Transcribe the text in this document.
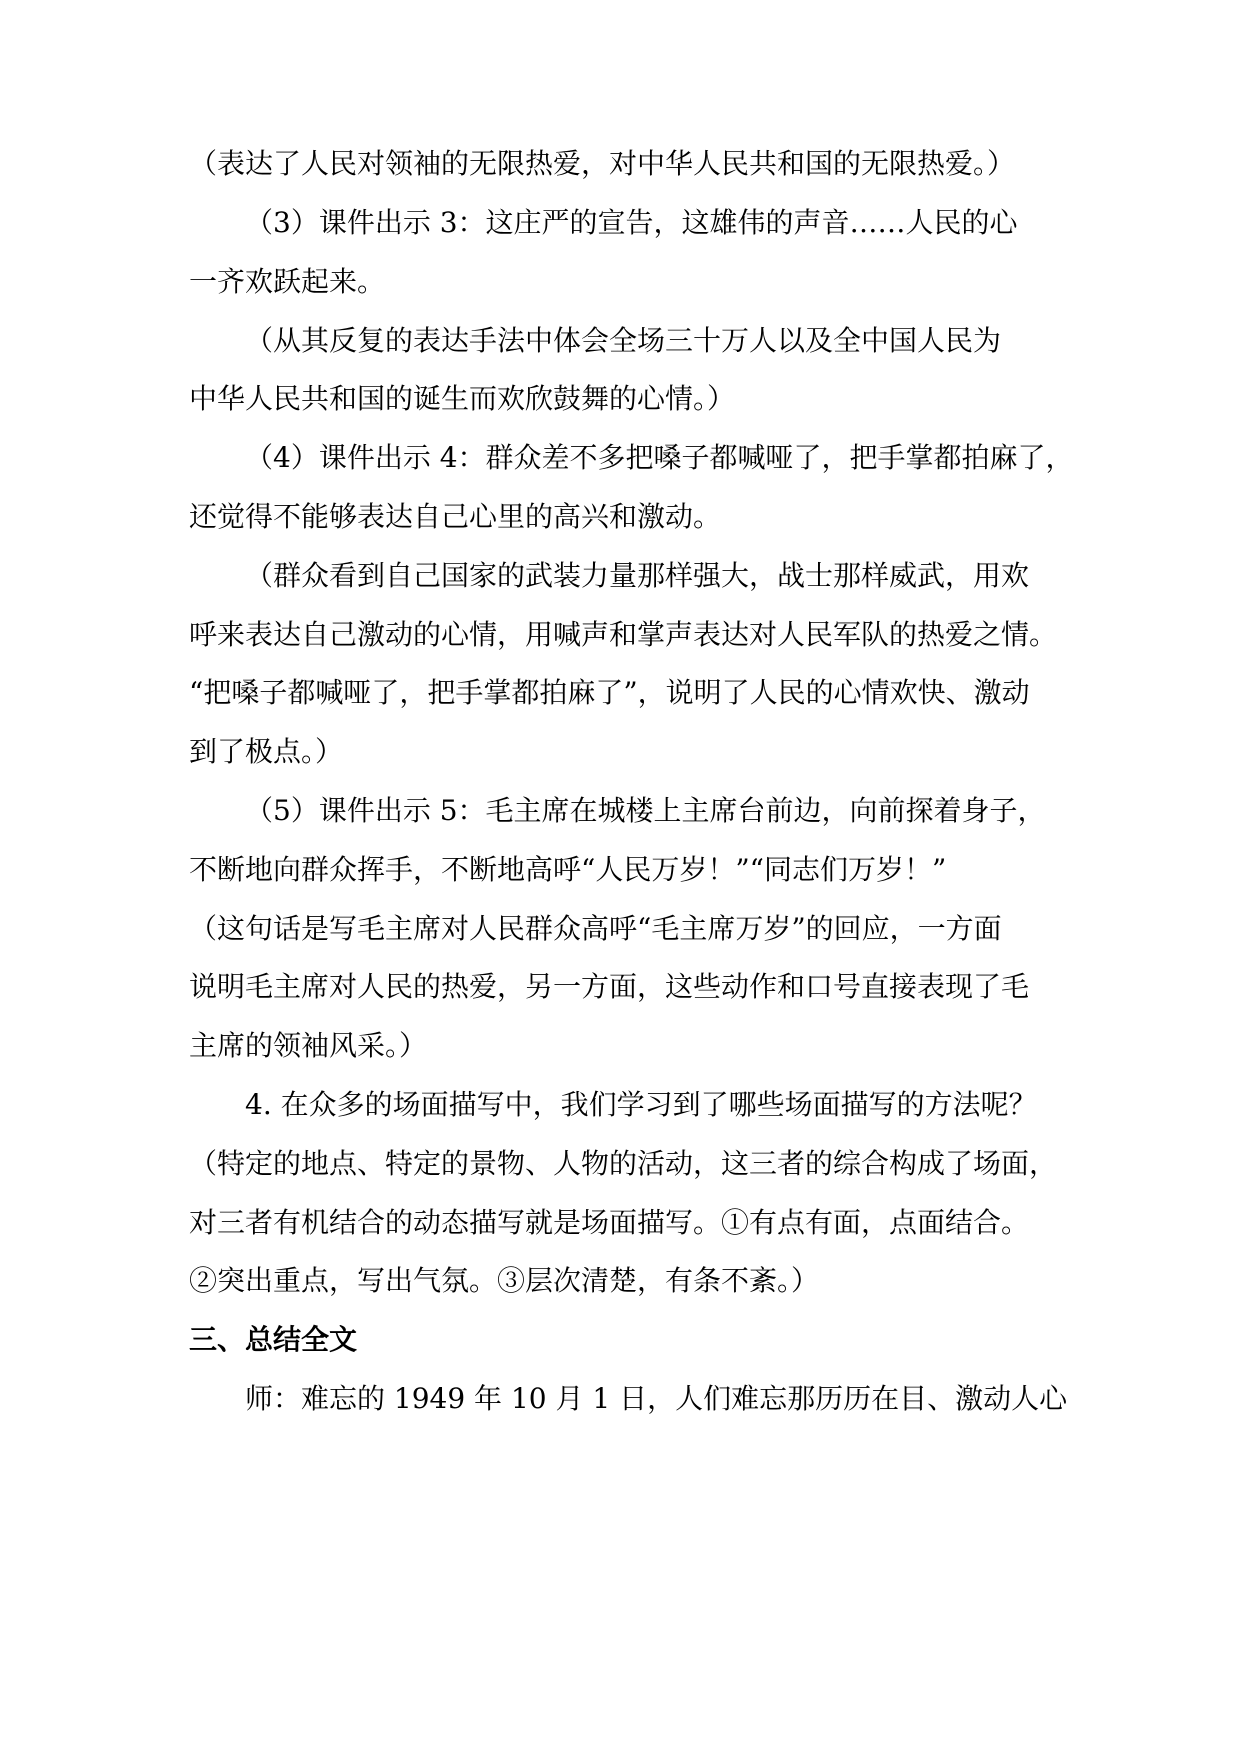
（表达了人民对领袖的无限热爱，对中华人民共和国的无限热爱。）
（3）课件出示 3：这庄严的宣告，这雄伟的声音……人民的心
一齐欢跃起来。
（从其反复的表达手法中体会全场三十万人以及全中国人民为
中华人民共和国的诞生而欢欣鼓舞的心情。）
（4）课件出示 4：群众差不多把嗓子都喊哑了，把手掌都拍麻了，
还觉得不能够表达自己心里的高兴和激动。
（群众看到自己国家的武装力量那样强大，战士那样威武，用欢
呼来表达自己激动的心情，用喊声和掌声表达对人民军队的热爱之情。
“把嗓子都喊哑了，把手掌都拍麻了”，说明了人民的心情欢快、激动
到了极点。）
（5）课件出示 5：毛主席在城楼上主席台前边，向前探着身子，
不断地向群众挥手，不断地高呼“人民万岁！”“同志们万岁！”
（这句话是写毛主席对人民群众高呼“毛主席万岁”的回应，一方面
说明毛主席对人民的热爱，另一方面，这些动作和口号直接表现了毛
主席的领袖风采。）
4. 在众多的场面描写中，我们学习到了哪些场面描写的方法呢？
（特定的地点、特定的景物、人物的活动，这三者的综合构成了场面，
对三者有机结合的动态描写就是场面描写。①有点有面，点面结合。
②突出重点，写出气氛。③层次清楚，有条不紊。）
三、总结全文
师：难忘的 1949 年 10 月 1 日，人们难忘那历历在目、激动人心
